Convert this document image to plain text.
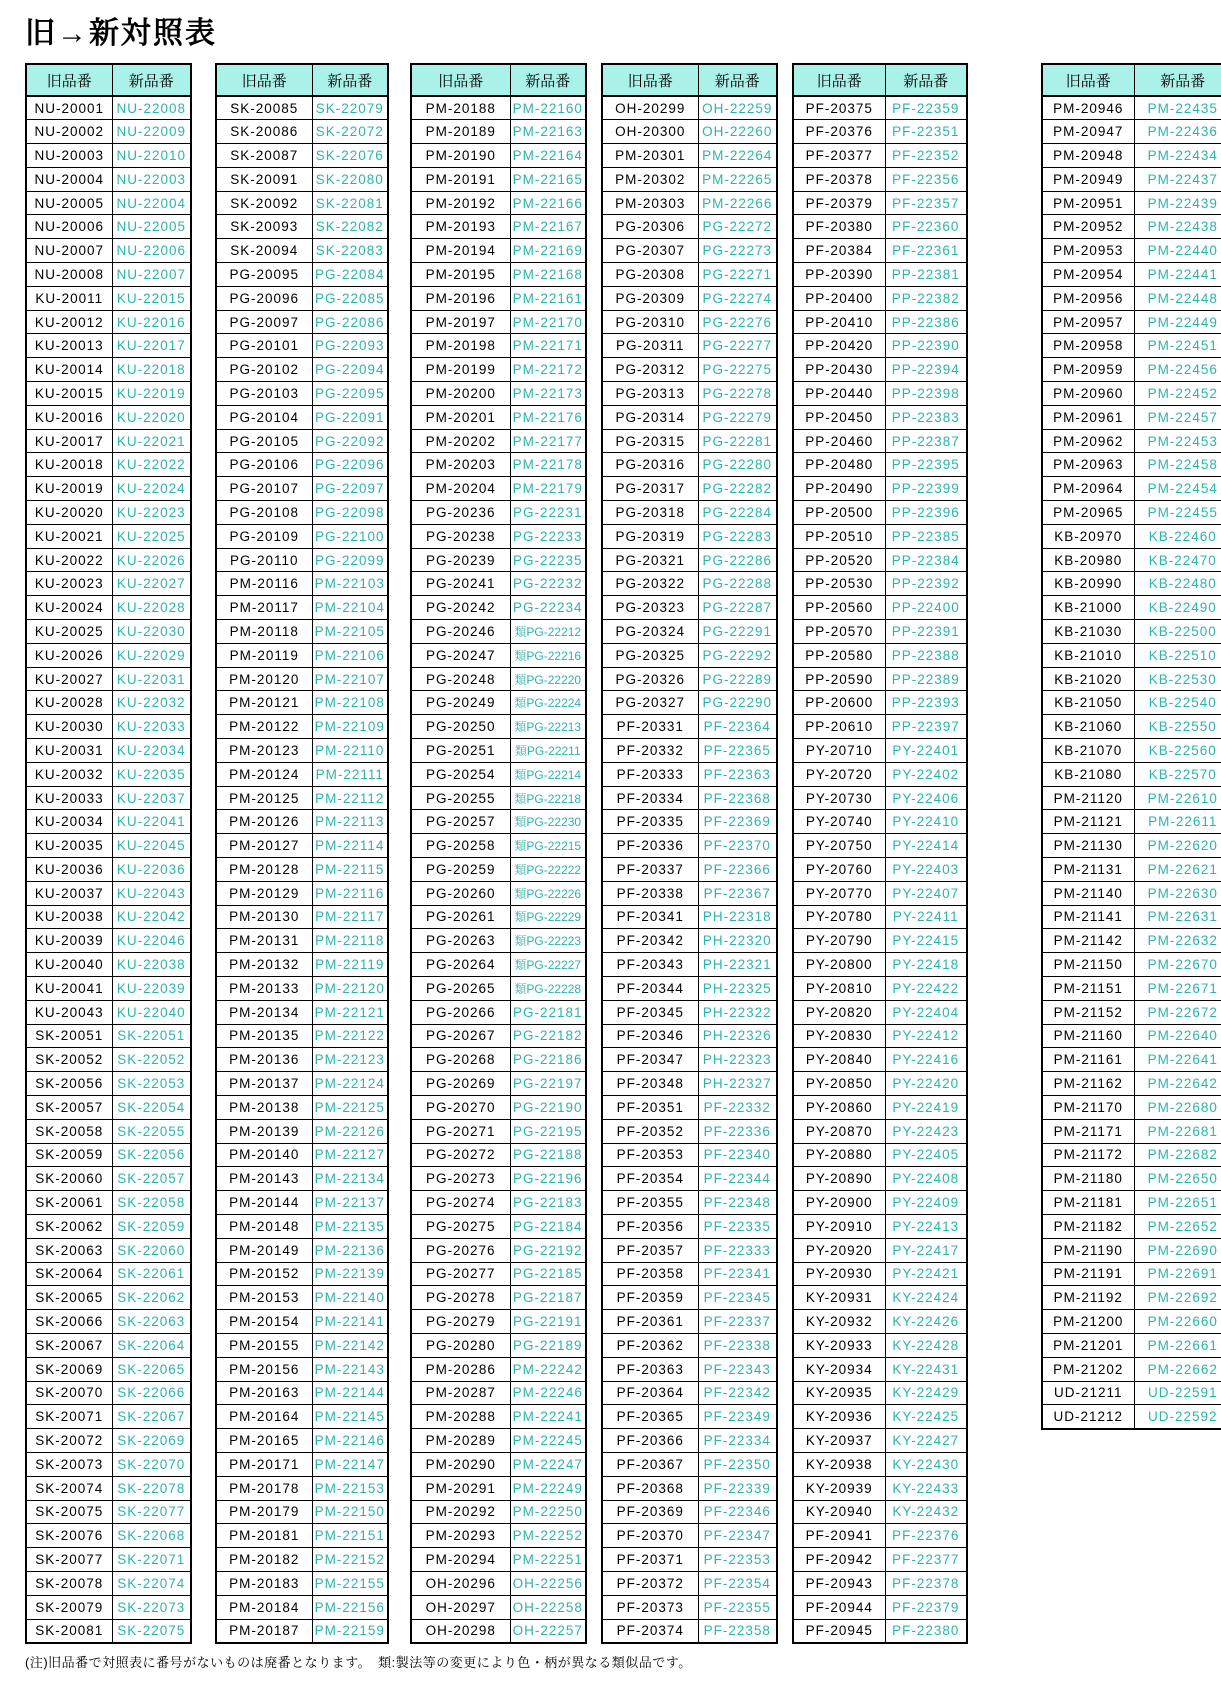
旧→新対照表
旧品番	新品番
NU-20001	NU-22008
NU-20002	NU-22009
NU-20003	NU-22010
NU-20004	NU-22003
NU-20005	NU-22004
NU-20006	NU-22005
NU-20007	NU-22006
NU-20008	NU-22007
KU-20011	KU-22015
KU-20012	KU-22016
KU-20013	KU-22017
KU-20014	KU-22018
KU-20015	KU-22019
KU-20016	KU-22020
KU-20017	KU-22021
KU-20018	KU-22022
KU-20019	KU-22024
KU-20020	KU-22023
KU-20021	KU-22025
KU-20022	KU-22026
KU-20023	KU-22027
KU-20024	KU-22028
KU-20025	KU-22030
KU-20026	KU-22029
KU-20027	KU-22031
KU-20028	KU-22032
KU-20030	KU-22033
KU-20031	KU-22034
KU-20032	KU-22035
KU-20033	KU-22037
KU-20034	KU-22041
KU-20035	KU-22045
KU-20036	KU-22036
KU-20037	KU-22043
KU-20038	KU-22042
KU-20039	KU-22046
KU-20040	KU-22038
KU-20041	KU-22039
KU-20043	KU-22040
SK-20051	SK-22051
SK-20052	SK-22052
SK-20056	SK-22053
SK-20057	SK-22054
SK-20058	SK-22055
SK-20059	SK-22056
SK-20060	SK-22057
SK-20061	SK-22058
SK-20062	SK-22059
SK-20063	SK-22060
SK-20064	SK-22061
SK-20065	SK-22062
SK-20066	SK-22063
SK-20067	SK-22064
SK-20069	SK-22065
SK-20070	SK-22066
SK-20071	SK-22067
SK-20072	SK-22069
SK-20073	SK-22070
SK-20074	SK-22078
SK-20075	SK-22077
SK-20076	SK-22068
SK-20077	SK-22071
SK-20078	SK-22074
SK-20079	SK-22073
SK-20081	SK-22075
旧品番	新品番
SK-20085	SK-22079
SK-20086	SK-22072
SK-20087	SK-22076
SK-20091	SK-22080
SK-20092	SK-22081
SK-20093	SK-22082
SK-20094	SK-22083
PG-20095	PG-22084
PG-20096	PG-22085
PG-20097	PG-22086
PG-20101	PG-22093
PG-20102	PG-22094
PG-20103	PG-22095
PG-20104	PG-22091
PG-20105	PG-22092
PG-20106	PG-22096
PG-20107	PG-22097
PG-20108	PG-22098
PG-20109	PG-22100
PG-20110	PG-22099
PM-20116	PM-22103
PM-20117	PM-22104
PM-20118	PM-22105
PM-20119	PM-22106
PM-20120	PM-22107
PM-20121	PM-22108
PM-20122	PM-22109
PM-20123	PM-22110
PM-20124	PM-22111
PM-20125	PM-22112
PM-20126	PM-22113
PM-20127	PM-22114
PM-20128	PM-22115
PM-20129	PM-22116
PM-20130	PM-22117
PM-20131	PM-22118
PM-20132	PM-22119
PM-20133	PM-22120
PM-20134	PM-22121
PM-20135	PM-22122
PM-20136	PM-22123
PM-20137	PM-22124
PM-20138	PM-22125
PM-20139	PM-22126
PM-20140	PM-22127
PM-20143	PM-22134
PM-20144	PM-22137
PM-20148	PM-22135
PM-20149	PM-22136
PM-20152	PM-22139
PM-20153	PM-22140
PM-20154	PM-22141
PM-20155	PM-22142
PM-20156	PM-22143
PM-20163	PM-22144
PM-20164	PM-22145
PM-20165	PM-22146
PM-20171	PM-22147
PM-20178	PM-22153
PM-20179	PM-22150
PM-20181	PM-22151
PM-20182	PM-22152
PM-20183	PM-22155
PM-20184	PM-22156
PM-20187	PM-22159
旧品番	新品番
PM-20188	PM-22160
PM-20189	PM-22163
PM-20190	PM-22164
PM-20191	PM-22165
PM-20192	PM-22166
PM-20193	PM-22167
PM-20194	PM-22169
PM-20195	PM-22168
PM-20196	PM-22161
PM-20197	PM-22170
PM-20198	PM-22171
PM-20199	PM-22172
PM-20200	PM-22173
PM-20201	PM-22176
PM-20202	PM-22177
PM-20203	PM-22178
PM-20204	PM-22179
PG-20236	PG-22231
PG-20238	PG-22233
PG-20239	PG-22235
PG-20241	PG-22232
PG-20242	PG-22234
PG-20246	類PG-22212
PG-20247	類PG-22216
PG-20248	類PG-22220
PG-20249	類PG-22224
PG-20250	類PG-22213
PG-20251	類PG-22211
PG-20254	類PG-22214
PG-20255	類PG-22218
PG-20257	類PG-22230
PG-20258	類PG-22215
PG-20259	類PG-22222
PG-20260	類PG-22226
PG-20261	類PG-22229
PG-20263	類PG-22223
PG-20264	類PG-22227
PG-20265	類PG-22228
PG-20266	PG-22181
PG-20267	PG-22182
PG-20268	PG-22186
PG-20269	PG-22197
PG-20270	PG-22190
PG-20271	PG-22195
PG-20272	PG-22188
PG-20273	PG-22196
PG-20274	PG-22183
PG-20275	PG-22184
PG-20276	PG-22192
PG-20277	PG-22185
PG-20278	PG-22187
PG-20279	PG-22191
PG-20280	PG-22189
PM-20286	PM-22242
PM-20287	PM-22246
PM-20288	PM-22241
PM-20289	PM-22245
PM-20290	PM-22247
PM-20291	PM-22249
PM-20292	PM-22250
PM-20293	PM-22252
PM-20294	PM-22251
OH-20296	OH-22256
OH-20297	OH-22258
OH-20298	OH-22257
旧品番	新品番
OH-20299	OH-22259
OH-20300	OH-22260
PM-20301	PM-22264
PM-20302	PM-22265
PM-20303	PM-22266
PG-20306	PG-22272
PG-20307	PG-22273
PG-20308	PG-22271
PG-20309	PG-22274
PG-20310	PG-22276
PG-20311	PG-22277
PG-20312	PG-22275
PG-20313	PG-22278
PG-20314	PG-22279
PG-20315	PG-22281
PG-20316	PG-22280
PG-20317	PG-22282
PG-20318	PG-22284
PG-20319	PG-22283
PG-20321	PG-22286
PG-20322	PG-22288
PG-20323	PG-22287
PG-20324	PG-22291
PG-20325	PG-22292
PG-20326	PG-22289
PG-20327	PG-22290
PF-20331	PF-22364
PF-20332	PF-22365
PF-20333	PF-22363
PF-20334	PF-22368
PF-20335	PF-22369
PF-20336	PF-22370
PF-20337	PF-22366
PF-20338	PF-22367
PF-20341	PH-22318
PF-20342	PH-22320
PF-20343	PH-22321
PF-20344	PH-22325
PF-20345	PH-22322
PF-20346	PH-22326
PF-20347	PH-22323
PF-20348	PH-22327
PF-20351	PF-22332
PF-20352	PF-22336
PF-20353	PF-22340
PF-20354	PF-22344
PF-20355	PF-22348
PF-20356	PF-22335
PF-20357	PF-22333
PF-20358	PF-22341
PF-20359	PF-22345
PF-20361	PF-22337
PF-20362	PF-22338
PF-20363	PF-22343
PF-20364	PF-22342
PF-20365	PF-22349
PF-20366	PF-22334
PF-20367	PF-22350
PF-20368	PF-22339
PF-20369	PF-22346
PF-20370	PF-22347
PF-20371	PF-22353
PF-20372	PF-22354
PF-20373	PF-22355
PF-20374	PF-22358
旧品番	新品番
PF-20375	PF-22359
PF-20376	PF-22351
PF-20377	PF-22352
PF-20378	PF-22356
PF-20379	PF-22357
PF-20380	PF-22360
PF-20384	PF-22361
PP-20390	PP-22381
PP-20400	PP-22382
PP-20410	PP-22386
PP-20420	PP-22390
PP-20430	PP-22394
PP-20440	PP-22398
PP-20450	PP-22383
PP-20460	PP-22387
PP-20480	PP-22395
PP-20490	PP-22399
PP-20500	PP-22396
PP-20510	PP-22385
PP-20520	PP-22384
PP-20530	PP-22392
PP-20560	PP-22400
PP-20570	PP-22391
PP-20580	PP-22388
PP-20590	PP-22389
PP-20600	PP-22393
PP-20610	PP-22397
PY-20710	PY-22401
PY-20720	PY-22402
PY-20730	PY-22406
PY-20740	PY-22410
PY-20750	PY-22414
PY-20760	PY-22403
PY-20770	PY-22407
PY-20780	PY-22411
PY-20790	PY-22415
PY-20800	PY-22418
PY-20810	PY-22422
PY-20820	PY-22404
PY-20830	PY-22412
PY-20840	PY-22416
PY-20850	PY-22420
PY-20860	PY-22419
PY-20870	PY-22423
PY-20880	PY-22405
PY-20890	PY-22408
PY-20900	PY-22409
PY-20910	PY-22413
PY-20920	PY-22417
PY-20930	PY-22421
KY-20931	KY-22424
KY-20932	KY-22426
KY-20933	KY-22428
KY-20934	KY-22431
KY-20935	KY-22429
KY-20936	KY-22425
KY-20937	KY-22427
KY-20938	KY-22430
KY-20939	KY-22433
KY-20940	KY-22432
PF-20941	PF-22376
PF-20942	PF-22377
PF-20943	PF-22378
PF-20944	PF-22379
PF-20945	PF-22380
旧品番	新品番
PM-20946	PM-22435
PM-20947	PM-22436
PM-20948	PM-22434
PM-20949	PM-22437
PM-20951	PM-22439
PM-20952	PM-22438
PM-20953	PM-22440
PM-20954	PM-22441
PM-20956	PM-22448
PM-20957	PM-22449
PM-20958	PM-22451
PM-20959	PM-22456
PM-20960	PM-22452
PM-20961	PM-22457
PM-20962	PM-22453
PM-20963	PM-22458
PM-20964	PM-22454
PM-20965	PM-22455
KB-20970	KB-22460
KB-20980	KB-22470
KB-20990	KB-22480
KB-21000	KB-22490
KB-21030	KB-22500
KB-21010	KB-22510
KB-21020	KB-22530
KB-21050	KB-22540
KB-21060	KB-22550
KB-21070	KB-22560
KB-21080	KB-22570
PM-21120	PM-22610
PM-21121	PM-22611
PM-21130	PM-22620
PM-21131	PM-22621
PM-21140	PM-22630
PM-21141	PM-22631
PM-21142	PM-22632
PM-21150	PM-22670
PM-21151	PM-22671
PM-21152	PM-22672
PM-21160	PM-22640
PM-21161	PM-22641
PM-21162	PM-22642
PM-21170	PM-22680
PM-21171	PM-22681
PM-21172	PM-22682
PM-21180	PM-22650
PM-21181	PM-22651
PM-21182	PM-22652
PM-21190	PM-22690
PM-21191	PM-22691
PM-21192	PM-22692
PM-21200	PM-22660
PM-21201	PM-22661
PM-21202	PM-22662
UD-21211	UD-22591
UD-21212	UD-22592
(注)旧品番で対照表に番号がないものは廃番となります。　類:製法等の変更により色・柄が異なる類似品です。
